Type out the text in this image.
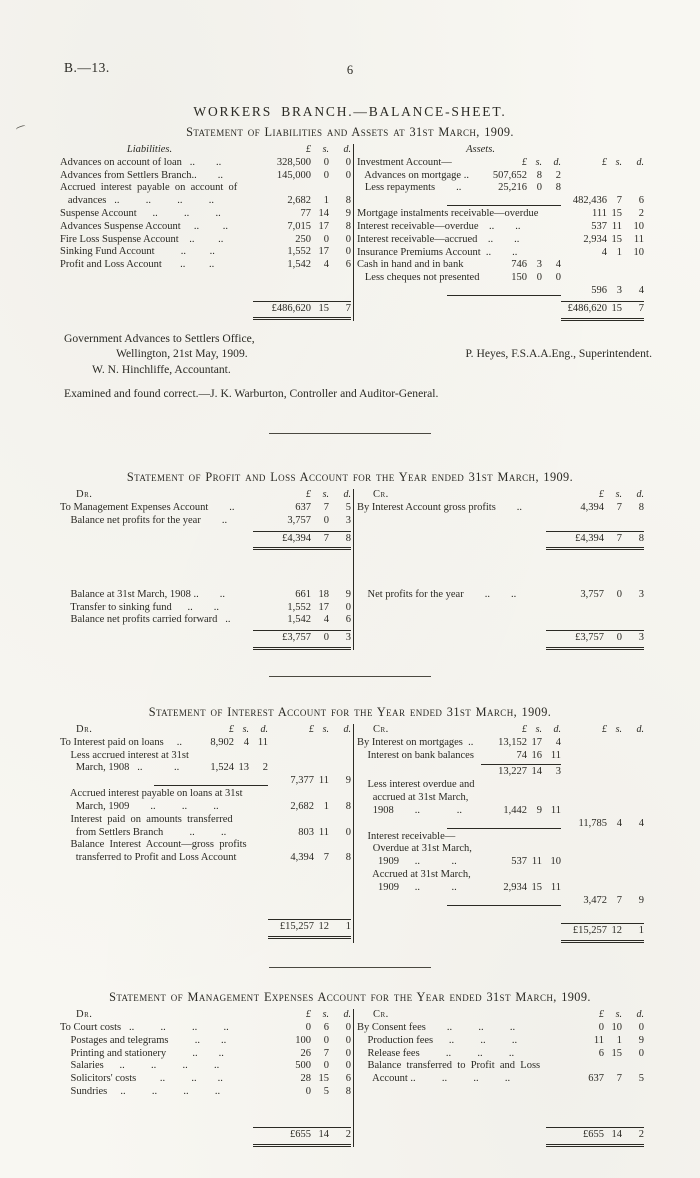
B.—13.	6
WORKERS BRANCH.—BALANCE-SHEET.
Statement of Liabilities and Assets at 31st March, 1909.
Liabilities.	£	s.	d.
Advances on account of loan   ..        ..	328,500	0	0
Advances from Settlers Branch..        ..	145,000	0	0
Accrued  interest  payable  on  account  of
advances   ..          ..          ..          ..	2,682	1	8
Suspense Account      ..          ..          ..	77 14	9
Advances Suspense Account     ..         ..	7,015 17	8
Fire Loss Suspense Account    ..         ..	250	0	0
Sinking Fund Account          ..         ..	1,552 17	0
Profit and Loss Account       ..         ..	1,542	4	6
£486,620 15	7
Assets.
Investment Account—	£ s.	d.	£ s.	d.
Advances on mortgage ..	507,652 8	2
Less repayments        ..	25,216 0	8
482,436 7	6
Mortgage instalments receivable—overdue	111 15	2
Interest receivable—overdue    ..        ..	537 11	10
Interest receivable—accrued    ..        ..	2,934 15	11
Insurance Premiums Account  ..        ..	4 1	10
Cash in hand and in bank	746 3	4
Less cheques not presented	150 0	0
596 3	4
£486,620 15	7
Government Advances to Settlers Office,
Wellington, 21st May, 1909.	P. Heyes, F.S.A.A.Eng., Superintendent.
W. N. Hinchliffe, Accountant.
Examined and found correct.—J. K. Warburton, Controller and Auditor-General.
Statement of Profit and Loss Account for the Year ended 31st March, 1909.
Dr.	£	s.	d.
To Management Expenses Account        ..	637	7	5
Balance net profits for the year        ..	3,757	0	3
£4,394	7	8
Balance at 31st March, 1908 ..        ..	661 18	9
Transfer to sinking fund      ..        ..	1,552 17	0
Balance net profits carried forward   ..	1,542	4	6
£3,757	0	3
Cr.	£	s.	d.
By Interest Account gross profits        ..	4,394	7	8
£4,394	7	8
Net profits for the year        ..        ..	3,757	0	3
£3,757	0	3
Statement of Interest Account for the Year ended 31st March, 1909.
Dr.	£ s.	d.	£ s.	d.
To Interest paid on loans     ..	8,902 4 11
Less accrued interest at 31st
March, 1908   ..            ..	1,524 13	2
7,377 11	9
Accrued interest payable on loans at 31st
March, 1909        ..          ..          ..	2,682 1	8
Interest  paid  on  amounts  transferred
from Settlers Branch          ..          ..	803 11	0
Balance  Interest  Account—gross  profits
transferred to Profit and Loss Account	4,394 7	8
£15,257 12	1
Cr.	£ s.	d.	£ s.	d.
By Interest on mortgages  ..	13,152 17	4
Interest on bank balances	74 16 11
13,227 14	3
Less interest overdue and
accrued at 31st March,
1908        ..              ..	1,442 9 11
11,785 4	4
Interest receivable—
Overdue at 31st March,
1909      ..            ..	537 11 10
Accrued at 31st March,
1909      ..            ..	2,934 15 11
3,472 7	9
£15,257 12	1
Statement of Management Expenses Account for the Year ended 31st March, 1909.
Dr.	£	s.	d.
To Court costs   ..          ..          ..          ..	0	6	0
Postages and telegrams          ..        ..	100	0	0
Printing and stationery          ..        ..	26	7	0
Salaries      ..          ..          ..          ..	500	0	0
Solicitors' costs         ..          ..        ..	28 15	6
Sundries     ..          ..          ..          ..	0	5	8
£655 14	2
Cr.	£	s.	d.
By Consent fees        ..          ..          ..	0 10	0
Production fees      ..          ..          ..	11	1	9
Release fees          ..          ..          ..	6 15	0
Balance  transferred  to  Profit  and  Loss
Account ..          ..          ..          ..	637	7	5
£655 14	2
